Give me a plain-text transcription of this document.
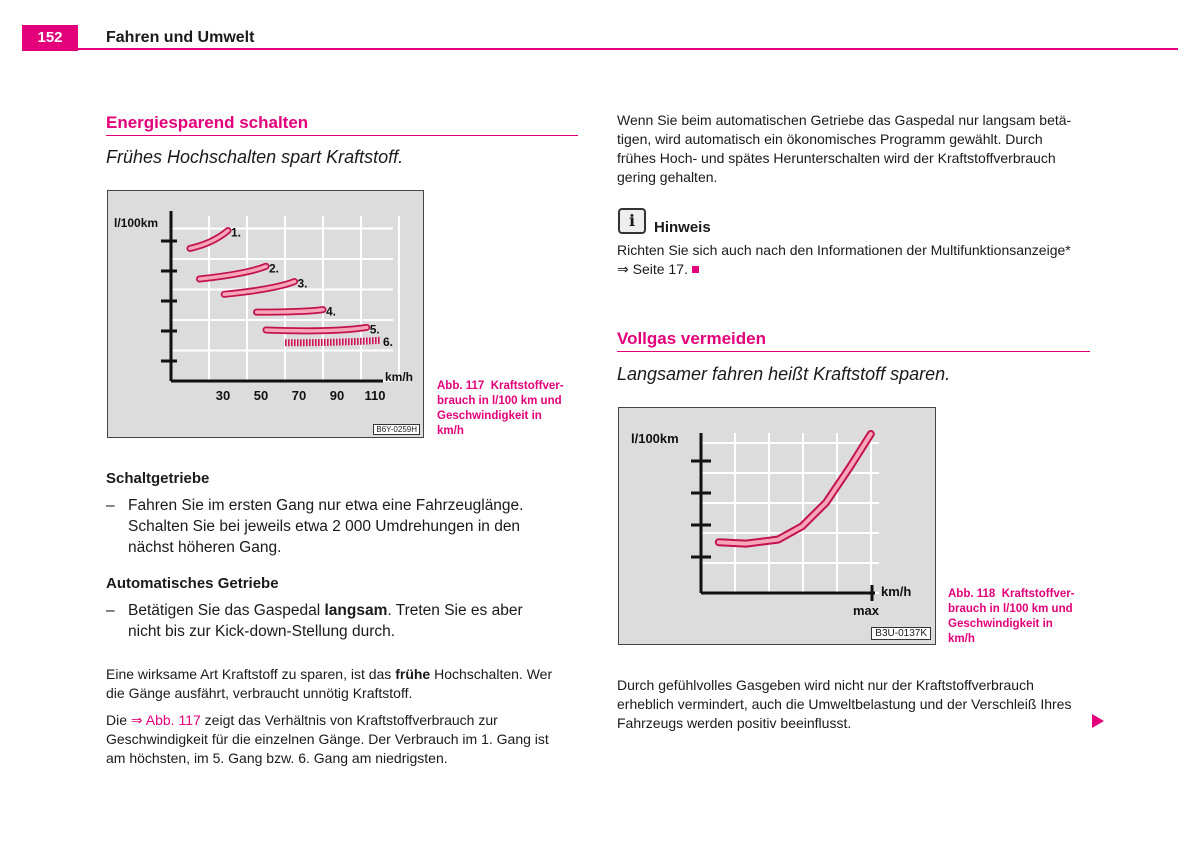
152	Fahren und Umwelt
Energiesparend schalten
Frühes Hochschalten spart Kraftstoff.
l/100km
km/h
30 50 70 90 110
1.
2.
3.
4.
5.
6.
B6Y-0259H
Abb. 117 Kraftstoffver-
brauch in l/100 km und
Geschwindigkeit in
km/h
Schaltgetriebe
– Fahren Sie im ersten Gang nur etwa eine Fahrzeuglänge.
Schalten Sie bei jeweils etwa 2 000 Umdrehungen in den
nächst höheren Gang.
Automatisches Getriebe
– Betätigen Sie das Gaspedal langsam. Treten Sie es aber
nicht bis zur Kick-down-Stellung durch.
Eine wirksame Art Kraftstoff zu sparen, ist das frühe Hochschalten. Wer
die Gänge ausfährt, verbraucht unnötig Kraftstoff.
Die ⇒ Abb. 117 zeigt das Verhältnis von Kraftstoffverbrauch zur
Geschwindigkeit für die einzelnen Gänge. Der Verbrauch im 1. Gang ist
am höchsten, im 5. Gang bzw. 6. Gang am niedrigsten.
Wenn Sie beim automatischen Getriebe das Gaspedal nur langsam betä-
tigen, wird automatisch ein ökonomisches Programm gewählt. Durch
frühes Hoch- und spätes Herunterschalten wird der Kraftstoffverbrauch
gering gehalten.
i	Hinweis
Richten Sie sich auch nach den Informationen der Multifunktionsanzeige*
⇒ Seite 17.
Vollgas vermeiden
Langsamer fahren heißt Kraftstoff sparen.
l/100km
km/h
max
B3U-0137K
Abb. 118 Kraftstoffver-
brauch in l/100 km und
Geschwindigkeit in
km/h
Durch gefühlvolles Gasgeben wird nicht nur der Kraftstoffverbrauch
erheblich vermindert, auch die Umweltbelastung und der Verschleiß Ihres
Fahrzeugs werden positiv beeinflusst.
